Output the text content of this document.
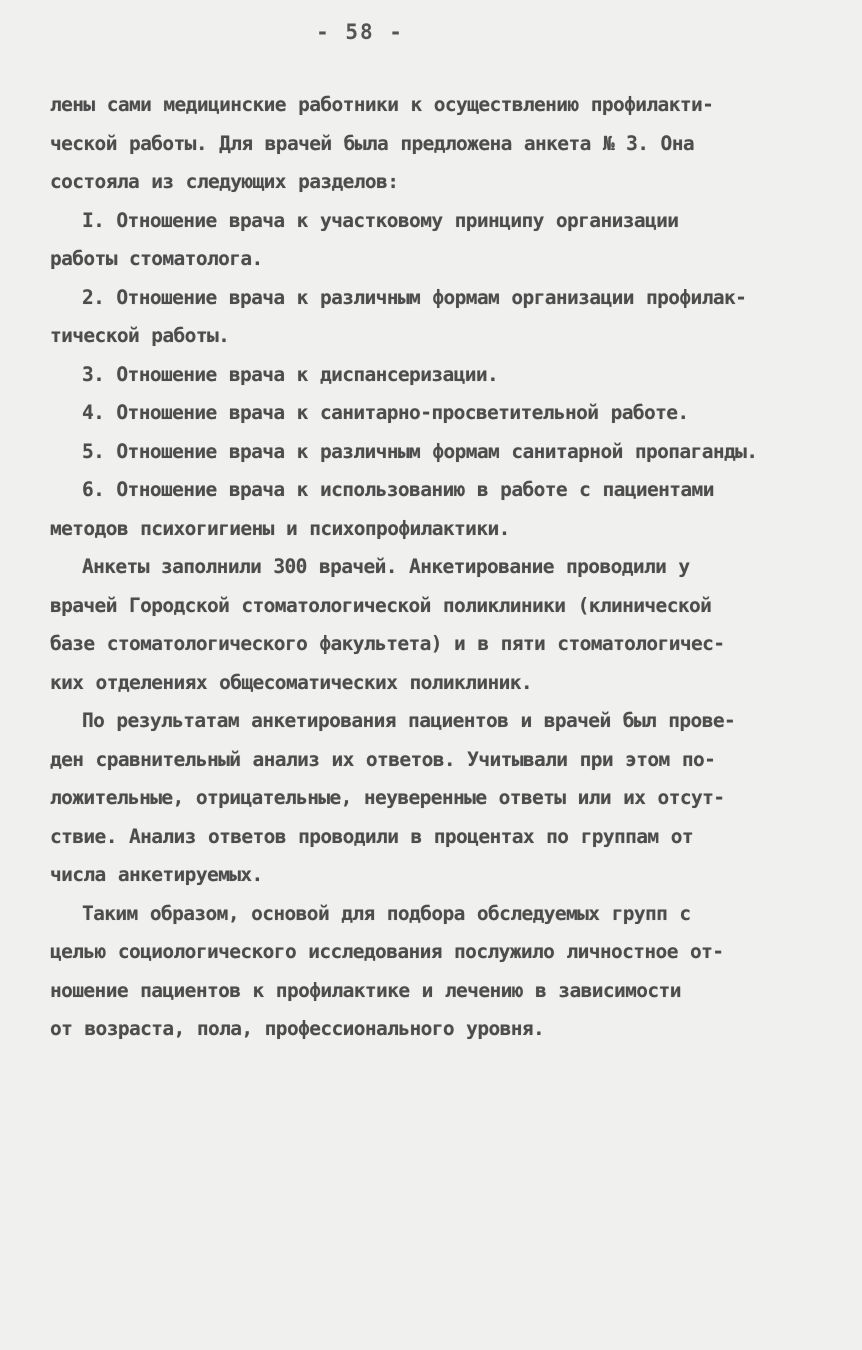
- 58 -
лены сами медицинские работники к осуществлению профилакти-
ческой работы. Для врачей была предложена анкета № 3. Она
состояла из следующих разделов:
I. Отношение врача к участковому принципу организации
работы стоматолога.
2. Отношение врача к различным формам организации профилак-
тической работы.
3. Отношение врача к диспансеризации.
4. Отношение врача к санитарно-просветительной работе.
5. Отношение врача к различным формам санитарной пропаганды.
6. Отношение врача к использованию в работе с пациентами
методов психогигиены и психопрофилактики.
Анкеты заполнили 300 врачей. Анкетирование проводили у
врачей Городской стоматологической поликлиники (клинической
базе стоматологического факультета) и в пяти стоматологичес-
ких отделениях общесоматических поликлиник.
По результатам анкетирования пациентов и врачей был прове-
ден сравнительный анализ их ответов. Учитывали при этом по-
ложительные, отрицательные, неуверенные ответы или их отсут-
ствие. Анализ ответов проводили в процентах по группам от
числа анкетируемых.
Таким образом, основой для подбора обследуемых групп с
целью социологического исследования послужило личностное от-
ношение пациентов к профилактике и лечению в зависимости
от возраста, пола, профессионального уровня.
